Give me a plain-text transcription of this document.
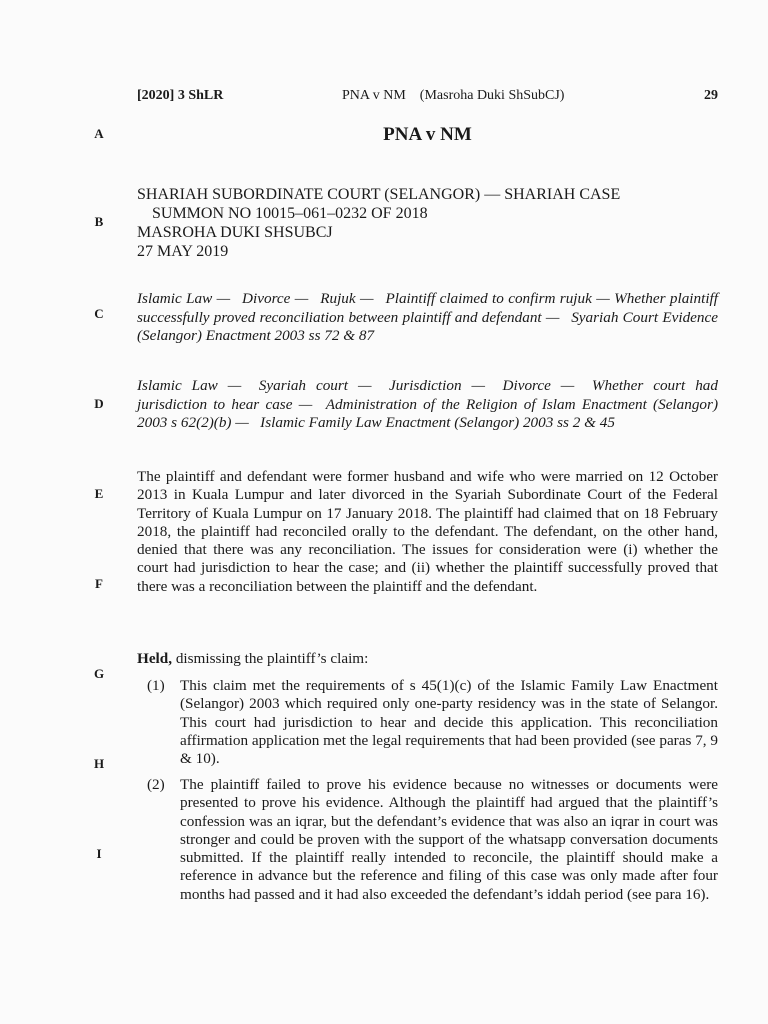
[2020] 3 ShLR	PNA v NM (Masroha Duki ShSubCJ)	29
A
B
C
D
E
F
G
H
I
PNA v NM
SHARIAH SUBORDINATE COURT (SELANGOR) — SHARIAH CASE
SUMMON NO 10015–061–0232 OF 2018
MASROHA DUKI SHSUBCJ
27 MAY 2019
Islamic Law —  Divorce —  Rujuk —  Plaintiff claimed to confirm rujuk — Whether plaintiff successfully proved reconciliation between plaintiff and defendant —  Syariah Court Evidence (Selangor) Enactment 2003 ss 72 & 87
Islamic Law —  Syariah court —  Jurisdiction —  Divorce —  Whether court had jurisdiction to hear case —  Administration of the Religion of Islam Enactment (Selangor) 2003 s 62(2)(b) —  Islamic Family Law Enactment (Selangor) 2003 ss 2 & 45
The plaintiff and defendant were former husband and wife who were married on 12 October 2013 in Kuala Lumpur and later divorced in the Syariah Subordinate Court of the Federal Territory of Kuala Lumpur on 17 January 2018. The plaintiff had claimed that on 18 February 2018, the plaintiff had reconciled orally to the defendant. The defendant, on the other hand, denied that there was any reconciliation. The issues for consideration were (i) whether the court had jurisdiction to hear the case; and (ii) whether the plaintiff successfully proved that there was a reconciliation between the plaintiff and the defendant.
Held, dismissing the plaintiff’s claim:
(1) This claim met the requirements of s 45(1)(c) of the Islamic Family Law Enactment (Selangor) 2003 which required only one-party residency was in the state of Selangor. This court had jurisdiction to hear and decide this application. This reconciliation affirmation application met the legal requirements that had been provided (see paras 7, 9 & 10).
(2) The plaintiff failed to prove his evidence because no witnesses or documents were presented to prove his evidence. Although the plaintiff had argued that the plaintiff’s confession was an iqrar, but the defendant’s evidence that was also an iqrar in court was stronger and could be proven with the support of the whatsapp conversation documents submitted. If the plaintiff really intended to reconcile, the plaintiff should make a reference in advance but the reference and filing of this case was only made after four months had passed and it had also exceeded the defendant’s iddah period (see para 16).
